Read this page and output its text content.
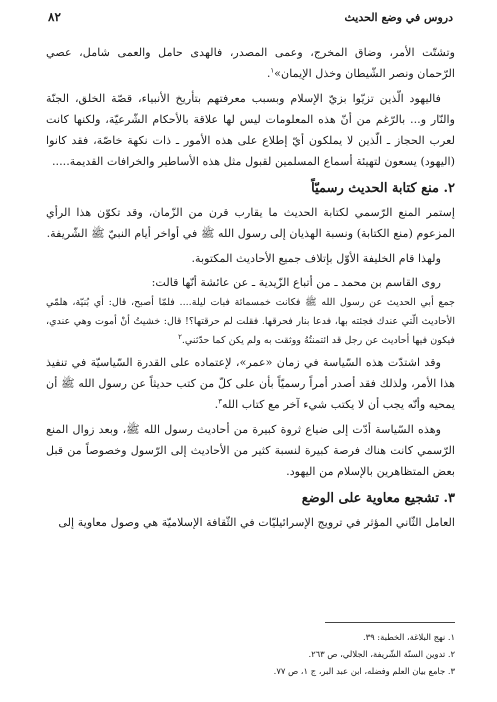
دروس في وضع الحديث
٨٢

وتشتّت الأمر، وضاق المخرج، وعمى المصدر، فالهدى حامل والعمى شامل، عصي الرّحمان ونصر الشّيطان وخذل الإيمان»$^١$.

فاليهود الّذين تزيّوا بزيّ الإسلام وبسبب معرفتهم بتأريخ الأنبياء، قصّة الخلق، الجنّة والنّار و... بالرّغم من أنّ هذه المعلومات ليس لها علاقة بالأحكام الشّرعيّة، ولكنها كانت لعرب الحجاز ـ الّذين لا يملكون أيّ إطلاع على هذه الأمور ـ ذات نكهة خاصّة، فقد كانوا (اليهود) يسعون لتهيئة أسماع المسلمين لقبول مثل هذه الأساطير والخرافات القديمة.....

٢. منع كتابة الحديث رسميّاً

إستمر المنع الرّسمي لكتابة الحديث ما يقارب قرن من الزّمان، وقد تكوّن هذا الرأي المزعوم (منع الكتابة) ونسبة الهذيان إلى رسول الله ﷺ في أواخر أيام النبيّ ﷺ الشّريفة.

ولهذا قام الخليفة الأوّل بإتلاف جميع الأحاديث المكتوبة.

روى القاسم بن محمد ـ من أتباع الزّيدية ـ عن عائشة أنّها قالت:

جمع أبي الحديث عن رسول الله ﷺ فكانت خمسمائة فبات ليلة.... فلمّا أصبح، قال: أي بُنيّة، هلمّي الأحاديث الّتي عندك فجئته بها، فدعا بنار فحرقها. فقلت لم حرقتها؟! قال: خشيتُ أنْ أموت وهي عندي، فيكون فيها أحاديث عن رجل قد ائتمنتُهُ ووثقت به ولم يكن كما حدّثني.$^٢$

وقد اشتدّت هذه السّياسة في زمان «عمر»، لإعتماده على القدرة السّياسيّة في تنفيذ هذا الأمر، ولذلك فقد أصدر أمراً رسميّاً بأن على كلّ من كتب حديثاً عن رسول الله ﷺ أن يمحيه وأنّه يجب أن لا يكتب شيء آخر مع كتاب الله$^٣$.

وهذه السّياسة أدّت إلى ضياع ثروة كبيرة من أحاديث رسول الله ﷺ، وبعد زوال المنع الرّسمي كانت هناك فرصة كبيرة لنسبة كثير من الأحاديث إلى الرّسول وخصوصاً من قبل بعض المتظاهرين بالإسلام من اليهود.

٣. تشجيع معاوية على الوضع

العامل الثّاني المؤثر في ترويج الإسرائيليّات في الثّقافة الإسلاميّة هي وصول معاوية إلى

١. نهج البلاغة، الخطبة: ٣٩.

٢. تدوين السنّة الشّريفة، الجلالي، ص ٢٦٣.

٣. جامع بيان العلم وفضله، ابن عبد البر، ج ١، ص ٧٧.
